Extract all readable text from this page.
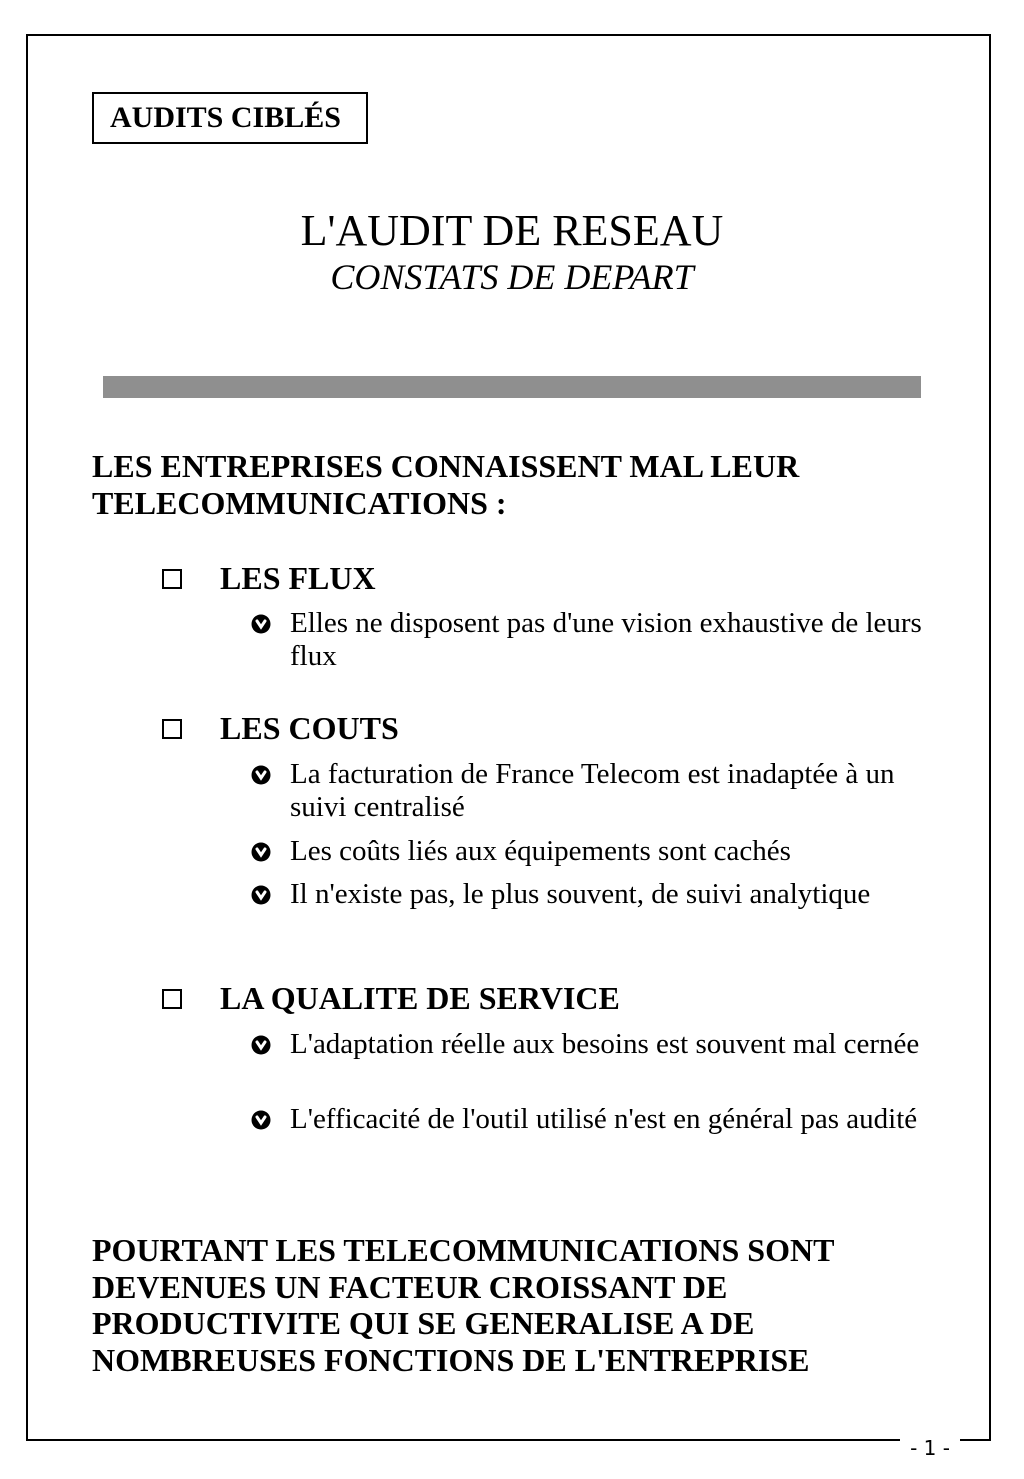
AUDITS CIBLÉS
L'AUDIT DE RESEAU
CONSTATS DE DEPART
LES ENTREPRISES CONNAISSENT MAL LEUR TELECOMMUNICATIONS :
LES FLUX
Elles ne disposent pas d'une vision exhaustive de leurs flux
LES COUTS
La facturation de France Telecom est inadaptée à un suivi centralisé
Les coûts liés aux équipements sont cachés
Il n'existe pas, le plus souvent, de suivi analytique
LA QUALITE DE SERVICE
L'adaptation réelle aux besoins est souvent mal cernée
L'efficacité de l'outil utilisé n'est en général pas audité
POURTANT LES TELECOMMUNICATIONS SONT DEVENUES UN FACTEUR CROISSANT DE PRODUCTIVITE QUI SE GENERALISE A DE NOMBREUSES FONCTIONS DE L'ENTREPRISE
- 1 -
